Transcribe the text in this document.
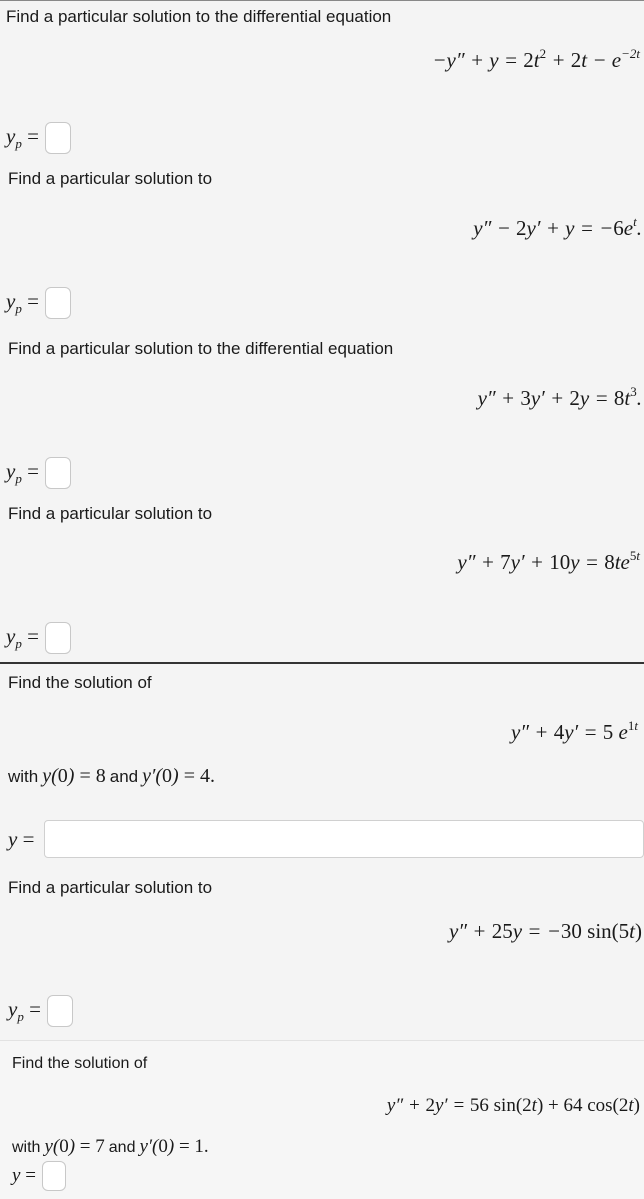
Find a particular solution to the differential equation
$-y'' + y = 2t^2 + 2t - e^{-2t}$
$y_p$ =
Find a particular solution to
$y'' - 2y' + y = -6e^t$.
$y_p$ =
Find a particular solution to the differential equation
$y'' + 3y' + 2y = 8t^3$.
$y_p$ =
Find a particular solution to
$y'' + 7y' + 10y = 8te^{5t}$
$y_p$ =
Find the solution of
y″ + 4y′ = 5 $e^{1t}$
with y(0) = 8 and y′(0) = 4.
y =
Find a particular solution to
y″ + 25y = −30 sin(5t)
$y_p$ =
Find the solution of
y″ + 2y′ = 56 sin(2t) + 64 cos(2t)
with y(0) = 7 and y′(0) = 1.
y =
